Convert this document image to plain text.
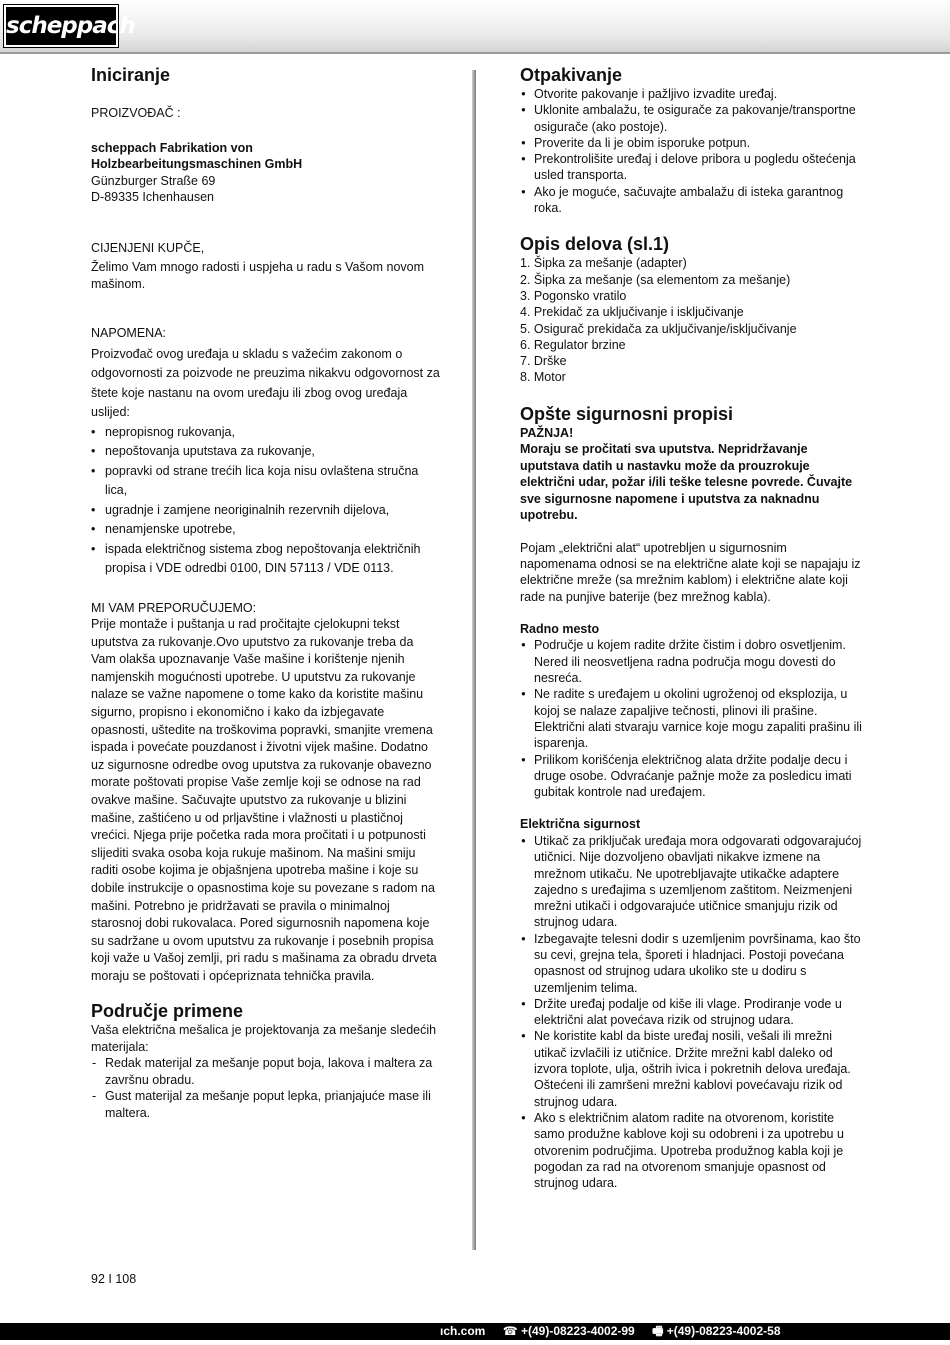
scheppach
Iniciranje

PROIZVOĐAČ :

scheppach Fabrikation von

Holzbearbeitungsmaschinen GmbH

Günzburger Straße 69

D-89335 Ichenhausen

CIJENJENI KUPČE,

Želimo Vam mnogo radosti i uspjeha u radu s Vašom novom mašinom.

NAPOMENA:

Proizvođač ovog uređaja u skladu s važećim zakonom o odgovornosti za poizvode ne preuzima nikakvu odgovornost za štete koje nastanu na ovom uređaju ili zbog ovog uređaja uslijed:

• nepropisnog rukovanja,
• nepoštovanja uputstava za rukovanje,
• popravki od strane trećih lica koja nisu ovlaštena stručna lica,
• ugradnje i zamjene neoriginalnih rezervnih dijelova,
• nenamjenske upotrebe,
• ispada električnog sistema zbog nepoštovanja električnih propisa i VDE odredbi 0100, DIN 57113 / VDE 0113.

MI VAM PREPORUČUJEMO:

Prije montaže i puštanja u rad pročitajte cjelokupni tekst uputstva za rukovanje.Ovo uputstvo za rukovanje treba da Vam olakša upoznavanje Vaše mašine i korištenje njenih namjenskih mogućnosti upotrebe. U uputstvu za rukovanje nalaze se važne napomene o tome kako da koristite mašinu sigurno, propisno i ekonomično i kako da izbjegavate opasnosti, uštedite na troškovima popravki, smanjite vremena ispada i povećate pouzdanost i životni vijek mašine. Dodatno uz sigurnosne odredbe ovog uputstva za rukovanje obavezno morate poštovati propise Vaše zemlje koji se odnose na rad ovakve mašine. Sačuvajte uputstvo za rukovanje u blizini mašine, zaštićeno u od prljavštine i vlažnosti u plastičnoj vrećici. Njega prije početka rada mora pročitati i u potpunosti slijediti svaka osoba koja rukuje mašinom. Na mašini smiju raditi osobe kojima je objašnjena upotreba mašine i koje su dobile instrukcije o opasnostima koje su povezane s radom na mašini. Potrebno je pridržavati se pravila o minimalnoj starosnoj dobi rukovalaca. Pored sigurnosnih napomena koje su sadržane u ovom uputstvu za rukovanje i posebnih propisa koji važe u Vašoj zemlji, pri radu s mašinama za obradu drveta moraju se poštovati i općepriznata tehnička pravila.

Područje primene

Vaša električna mešalica je projektovanja za mešanje sledećih materijala:

- Redak materijal za mešanje poput boja, lakova i maltera za završnu obradu.
- Gust materijal za mešanje poput lepka, prianjajuće mase ili maltera.
Otpakivanje
● Otvorite pakovanje i pažljivo izvadite uređaj.
● Uklonite ambalažu, te osigurače za pakovanje/transportne osigurače (ako postoje).
● Proverite da li je obim isporuke potpun.
● Prekontrolišite uređaj i delove pribora u pogledu oštećenja usled transporta.
● Ako je moguće, sačuvajte ambalažu di isteka garantnog roka.
Opis delova (sl.1)
1. Šipka za mešanje (adapter)
2. Šipka za mešanje (sa elementom za mešanje)
3. Pogonsko vratilo
4. Prekidač za uključivanje i isključivanje
5. Osigurač prekidača za uključivanje/isključivanje
6. Regulator brzine
7. Drške
8. Motor
Opšte sigurnosni propisi

PAŽNJA!

Moraju se pročitati sva uputstva. Nepridržavanje uputstava datih u nastavku može da prouzrokuje električni udar, požar i/ili teške telesne povrede. Čuvajte sve sigurnosne napomene i uputstva za naknadnu upotrebu.

Pojam „električni alat“ upotrebljen u sigurnosnim napomenama odnosi se na električne alate koji se napajaju iz električne mreže (sa mrežnim kablom) i električne alate koji rade na punjive baterije (bez mrežnog kabla).

Radno mesto

● Područje u kojem radite držite čistim i dobro osvetljenim. Nered ili neosvetljena radna područja mogu dovesti do nesreća.
● Ne radite s uređajem u okolini ugroženoj od eksplozija, u kojoj se nalaze zapaljive tečnosti, plinovi ili prašine. Električni alati stvaraju varnice koje mogu zapaliti prašinu ili isparenja.
● Prilikom korišćenja električnog alata držite podalje decu i druge osobe. Odvraćanje pažnje može za posledicu imati gubitak kontrole nad uređajem.

Električna sigurnost

● Utikač za priključak uređaja mora odgovarati odgovarajućoj utičnici. Nije dozvoljeno obavljati nikakve izmene na mrežnom utikaču. Ne upotrebljavajte utikačke adaptere zajedno s uređajima s uzemljenom zaštitom. Neizmenjeni mrežni utikači i odgovarajuće utičnice smanjuju rizik od strujnog udara.
● Izbegavajte telesni dodir s uzemljenim površinama, kao što su cevi, grejna tela, šporeti i hladnjaci. Postoji povećana opasnost od strujnog udara ukoliko ste u dodiru s uzemljenim telima.
● Držite uređaj podalje od kiše ili vlage. Prodiranje vode u električni alat povećava rizik od strujnog udara.
● Ne koristite kabl da biste uređaj nosili, vešali ili mrežni utikač izvlačili iz utičnice. Držite mrežni kabl daleko od izvora toplote, ulja, oštrih ivica i pokretnih delova uređaja. Oštećeni ili zamršeni mrežni kablovi povećavaju rizik od strujnog udara.
● Ako s električnim alatom radite na otvorenom, koristite samo produžne kablove koji su odobreni i za upotrebu u otvorenim područjima. Upotreba produžnog kabla koji je pogodan za rad na otvorenom smanjuje opasnost od strujnog udara.
92 I 108
ıch.com ☎ +(49)-08223-4002-99 🖷 +(49)-08223-4002-58
